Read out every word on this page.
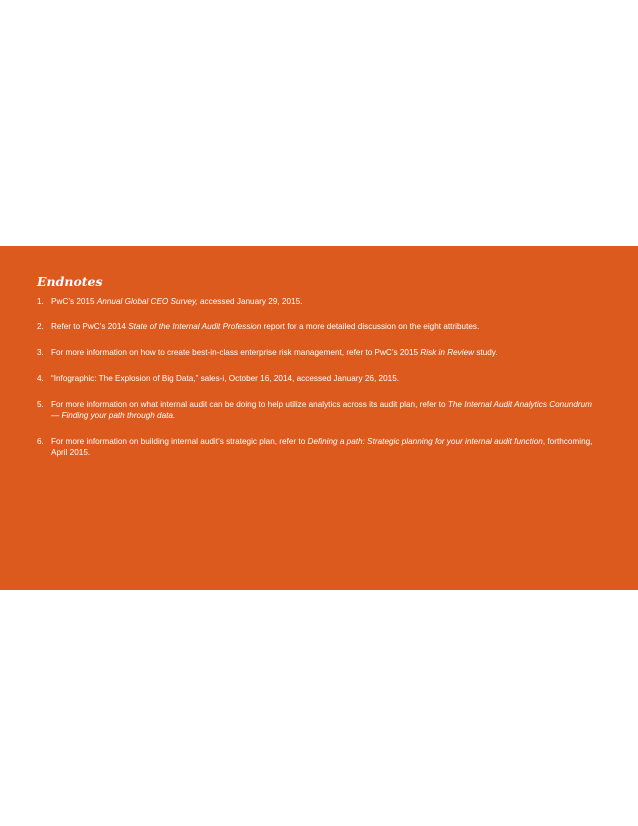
Endnotes
1. PwC’s 2015 Annual Global CEO Survey, accessed January 29, 2015.
2. Refer to PwC’s 2014 State of the Internal Audit Profession report for a more detailed discussion on the eight attributes.
3. For more information on how to create best-in-class enterprise risk management, refer to PwC’s 2015 Risk in Review study.
4. “Infographic: The Explosion of Big Data,” sales-i, October 16, 2014, accessed January 26, 2015.
5. For more information on what internal audit can be doing to help utilize analytics across its audit plan, refer to The Internal Audit Analytics Conundrum — Finding your path through data.
6. For more information on building internal audit’s strategic plan, refer to Defining a path: Strategic planning for your internal audit function, forthcoming, April 2015.
